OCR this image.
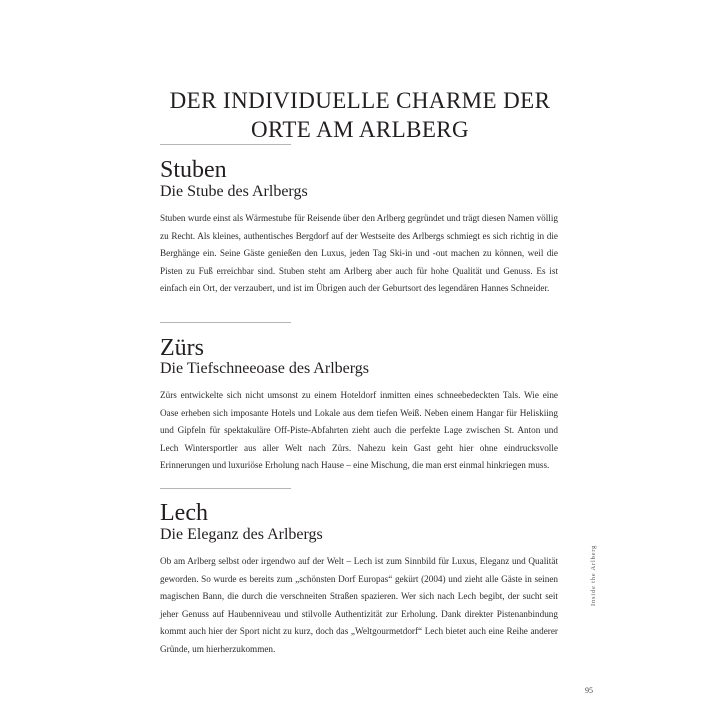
DER INDIVIDUELLE CHARME DER
ORTE AM ARLBERG
Stuben
Die Stube des Arlbergs

Stuben wurde einst als Wärmestube für Reisende über den Arlberg gegründet und trägt diesen Namen völlig zu Recht. Als kleines, authentisches Bergdorf auf der Westseite des Arlbergs schmiegt es sich richtig in die Berghänge ein. Seine Gäste genießen den Luxus, jeden Tag Ski-in und -out machen zu können, weil die Pisten zu Fuß erreichbar sind. Stuben steht am Arlberg aber auch für hohe Qualität und Genuss. Es ist einfach ein Ort, der verzaubert, und ist im Übrigen auch der Geburtsort des legendären Hannes Schneider.

Zürs
Die Tiefschneeoase des Arlbergs

Zürs entwickelte sich nicht umsonst zu einem Hoteldorf inmitten eines schneebedeckten Tals. Wie eine Oase erheben sich imposante Hotels und Lokale aus dem tiefen Weiß. Neben einem Hangar für Heliskiing und Gipfeln für spektakuläre Off-Piste-Abfahrten zieht auch die perfekte Lage zwischen St. Anton und Lech Wintersportler aus aller Welt nach Zürs. Nahezu kein Gast geht hier ohne eindrucksvolle Erinnerungen und luxuriöse Erholung nach Hause – eine Mischung, die man erst einmal hinkriegen muss.

Lech
Die Eleganz des Arlbergs

Ob am Arlberg selbst oder irgendwo auf der Welt – Lech ist zum Sinnbild für Luxus, Eleganz und Qualität geworden. So wurde es bereits zum „schönsten Dorf Europas“ gekürt (2004) und zieht alle Gäste in seinen magischen Bann, die durch die verschneiten Straßen spazieren. Wer sich nach Lech begibt, der sucht seit jeher Genuss auf Haubenniveau und stilvolle Authentizität zur Erholung. Dank direkter Pistenanbindung kommt auch hier der Sport nicht zu kurz, doch das „Weltgourmetdorf“ Lech bietet auch eine Reihe anderer Gründe, um hierherzukommen.

Inside the Arlberg
95
